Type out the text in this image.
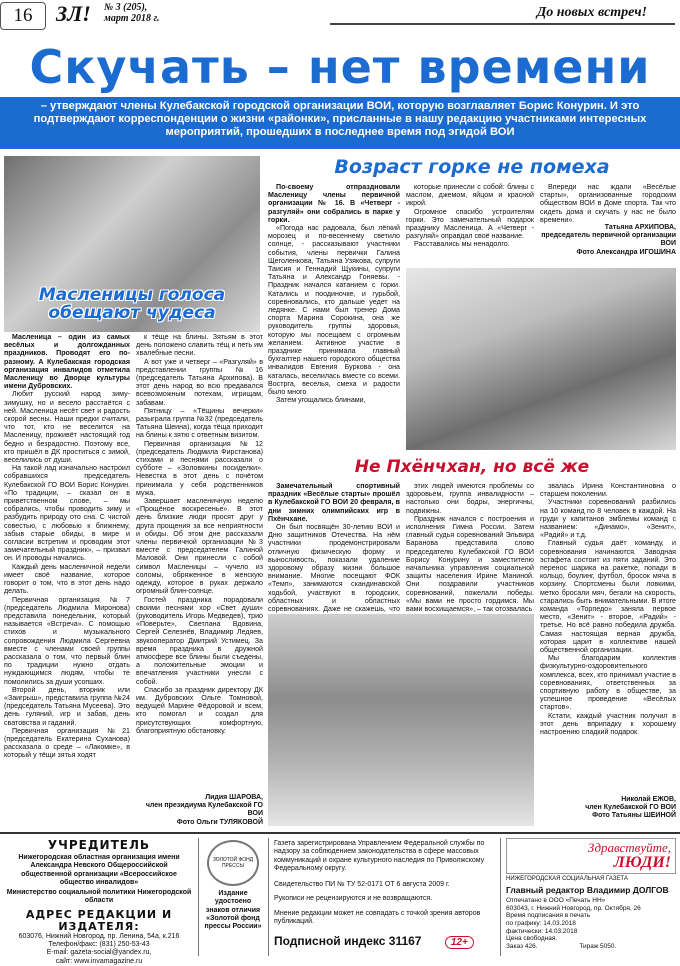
16	ЗЛ! № 3 (205),
март 2018 г.	До новых встреч!
Скучать – нет времени
– утверждают члены Кулебакской городской организации ВОИ, которую возглавляет Борис Конурин. И это подтверждают корреспонденции о жизни «районки», присланные в нашу редакцию участниками интересных мероприятий, прошедших в последнее время под эгидой ВОИ
Масленицы голоса
обещают чудеса

Масленица – один из самых весёлых и долгожданных праздников. Проводят его по-разному. А Кулебакская городская организация инвалидов отметила Масленицу во Дворце культуры имени Дубровских.

Любит русский народ зиму-зимушку, но и весело расстаётся с ней. Масленица несёт свет и радость скорой весны. Наши предки считали, что тот, кто не веселится на Масленицу, проживёт настоящий год бедно и безрадостно. Поэтому все, кто пришёл в ДК проститься с зимой, веселились от души.

На такой лад изначально настроил собравшихся председатель Кулебакской ГО ВОИ Борис Конурин. «По традиции, – сказал он в приветственном слове, – мы собрались, чтобы проводить зиму и разбудить природу ото сна. С чистой совестью, с любовью к ближнему, забыв старые обиды, в мире и согласии встретим и проводим этот замечательный праздник», – призвал он. И проводы начались.

Каждый день масленичной недели имеет своё название, которое говорит о том, что в этот день надо делать.

Первичная организация №7 (председатель Людмила Миронова) представила понедельник, который называется «Встреча». С помощью стихов и музыкального сопровождения Людмила Сергеевна вместе с членами своей группы рассказала о том, что первый блин по традиции нужно отдать нуждающимся людям, чтобы те помолились за души усопших.

Второй день, вторник или «Заигрыш», представила группа №24 (председатель Татьяна Мусеева). Это день гуляний, игр и забав, день сватовства и гаданий.

Первичная организация №21 (председатель Екатерина Суханова) рассказала о среде – «Лакомке», в который у тёщи зятья ходят

к тёще на блины. Зятьям в этот день положено славить тёщ и петь им хвалебные песни.

А вот уже и четверг – «Разгуляй» в представлении группы №16 (председатель Татьяна Архипова). В этот день народ во всю предавался всевозможным потехам, игрищам, забавам.

Пятницу – «Тёщины вечерки» разыграла группа №32 (председатель Татьяна Шеина), когда тёща приходит на блины к зятю с ответным визитом.

Первичная организация №12 (председатель Людмила Фирстанова) стихами и песнями рассказали о субботе – «Золовкины посиделки». Невестка в этот день с почётом принимала у себя родственников мужа.

Завершает масленичную неделю «Прощёное воскресенье». В этот день близкие люди просят друг у друга прощения за все неприятности и обиды. Об этом дне рассказали члены первичной организации №3 вместе с председателем Галиной Маловой. Они принесли с собой символ Масленицы – чучело из соломы, обряженное в женскую одежду, которое в руках держало огромный блин-солнце.

Гостей праздника порадовали своими песнями хор «Свет души» (руководитель Игорь Медведев), трио «Поверьте», Светлана Вдовина, Сергей Селезнёв, Владимир Ледяев, звукооператор Дмитрий Устимец. За время праздника в дружной атмосфере все блины были съедены, а положительные эмоции и впечатления участники унесли с собой.

Спасибо за праздник директору ДК им. Дубровских Ольге Томновой, ведущей Марине Фёдоровой и всем, кто помогал и создал для присутствующих комфортную, благоприятную обстановку.

Лидия ШАРОВА,
член президиума Кулебакской ГО ВОИ
Фото Ольги ТУЛЯКОВОЙ
Возраст горке не помеха

По-своему отпраздновали Масленицу члены первичной организации № 16. В «Четверг - разгуляй» они собрались в парке у горки.

«Погода нас радовала, был лёгкий морозец и по-весеннему светило солнце, - рассказывают участники события, члены первички Галина Щеголенкова, Татьяна Узякова, супруги Таисия и Геннадий Щукины, супруги Татьяна и Александр Гоняевы. - Праздник начался катанием с горки. Катались и поодиночке, и гурьбой, соревновались, кто дальше уедет на ледянке. С нами был тренер Дома спорта Марина Сорокина, она же руководитель группы здоровья, которую мы посещаем с огромным желанием. Активное участие в празднике принимала главный бухгалтер нашего городского общества инвалидов Евгения Буркова - она каталась, веселилась вместе со всеми. Вострга, веселья, смеха и радости было много

Затем угощались блинами,

которые принесли с собой: блины с маслом, джемом, яйцом и красной икрой.

Огромное спасибо устроителям горки. Это замечательный подарок празднику Масленица. А «Четверг - разгуляй» оправдал своё название.

Расставались мы ненадолго.

Впереди нас ждали «Весёлые старты», организованные городским обществом ВОИ в Доме спорта. Так что сидеть дома и скучать у нас не было времени».

Татьяна АРХИПОВА,
председатель первичной организации ВОИ
Фото Александра ИГОШИНА
Не Пхёнчхан, но всё же

Замечательный спортивный праздник «Весёлые старты» прошёл в Кулебакской ГО ВОИ 20 февраля, в дни зимних олимпийских игр в Пхёнчхане.

Он был посвящён 30-летию ВОИ и Дню защитников Отечества. На нём участники продемонстрировали отличную физическую форму и выносливость, показали удаление здоровому образу жизни большое внимание. Многие посещают ФОК «Темп», занимаются скандинавской ходьбой, участвуют в городских, областных и областных соревнованиях. Даже не скажешь, что

этих людей имеются проблемы со здоровьем, группа инвалидности – настолько они бодры, энергичны, подвижны.

Праздник начался с построения и исполнения Гимна России. Затем главный судья соревнований Эльвира Баранова представила слово председателю Кулебакской ГО ВОИ Борису Конурину и заместителю начальника управления социальной защиты населения Ирине Маниной. Они поздравили участников соревнований, пожелали победы. «Мы вами не просто гордимся. Мы вами восхищаемся», – так отозвалась

звалась Ирина Константиновна о старшем поколении.

Участники соревнований разбились на 10 команд по 8 человек в каждой. На груди у капитанов эмблемы команд с названием: «Динамо», «Зенит», «Радий» и т.д.

Главный судья даёт команду, и соревнования начинаются. Заводная эстафета состоит из пяти заданий. Это перенос шарика на ракетке, попади в кольцо, боулинг, футбол, бросок мяча в корзину. Спортсмены были ловкими, метко бросали мяч, бегали на скорость, старались быть внимательными. В итоге команда «Торпедо» заняла первое место, «Зенит» - второе, «Радий» - третье. Но всё равно победила дружба. Самая настоящая верная дружба, которая царит в коллективе нашей общественной организации.

Мы благодарим коллектив физкультурно-оздоровительного комплекса, всех, кто принимал участие в соревнованиях, ответственных за спортивную работу в обществе, за успешное проведение «Весёлых стартов».

Кстати, каждый участник получил в этот день вприпадку к хорошему настроению сладкий подарок.

Николай ЕЖОВ,
член Кулебакской ГО ВОИ
Фото Татьяны ШЕИНОЙ
УЧРЕДИТЕЛЬ
Нижегородская областная организация имени Александра Невского Общероссийской общественной организации «Всероссийское общество инвалидов»
Министерство социальной политики Нижегородской области
АДРЕС РЕДАКЦИИ И ИЗДАТЕЛЯ:
603076, Нижний Новгород, пр. Ленина, 54а, к.216
Телефон/факс: (831) 250-53-43
E-mail: gazeta-social@yandex.ru,
сайт: www.invamagazine.ru
ЗОЛОТОЙ ФОНД ПРЕССЫ
Издание удостоено знаков отличия «Золотой фонд прессы России»
Газета зарегистрирована Управлением Федеральной службы по надзору за соблюдением законодательства в сфере массовых коммуникаций и охране культурного наследия по Приволжскому Федеральному округу.
Свидетельство ПИ № ТУ 52-0171 ОТ 6 августа 2009 г.
Рукописи не рецензируются и не возвращаются.
Мнение редакции может не совпадать с точкой зрения авторов публикаций.
Подписной индекс 31167	12+
Здравствуйте,
ЛЮДИ!
НИЖЕГОРОДСКАЯ СОЦИАЛЬНАЯ ГАЗЕТА
Главный редактор Владимир ДОЛГОВ
Отпечатано в ООО «Печать НН»
603043, г. Нижний Новгород, пр. Октября, 26
Время подписания в печать
по графику: 14.03.2018
фактически: 14.03.2018
Цена свободная.
Заказ 426.	Тираж 5050.
